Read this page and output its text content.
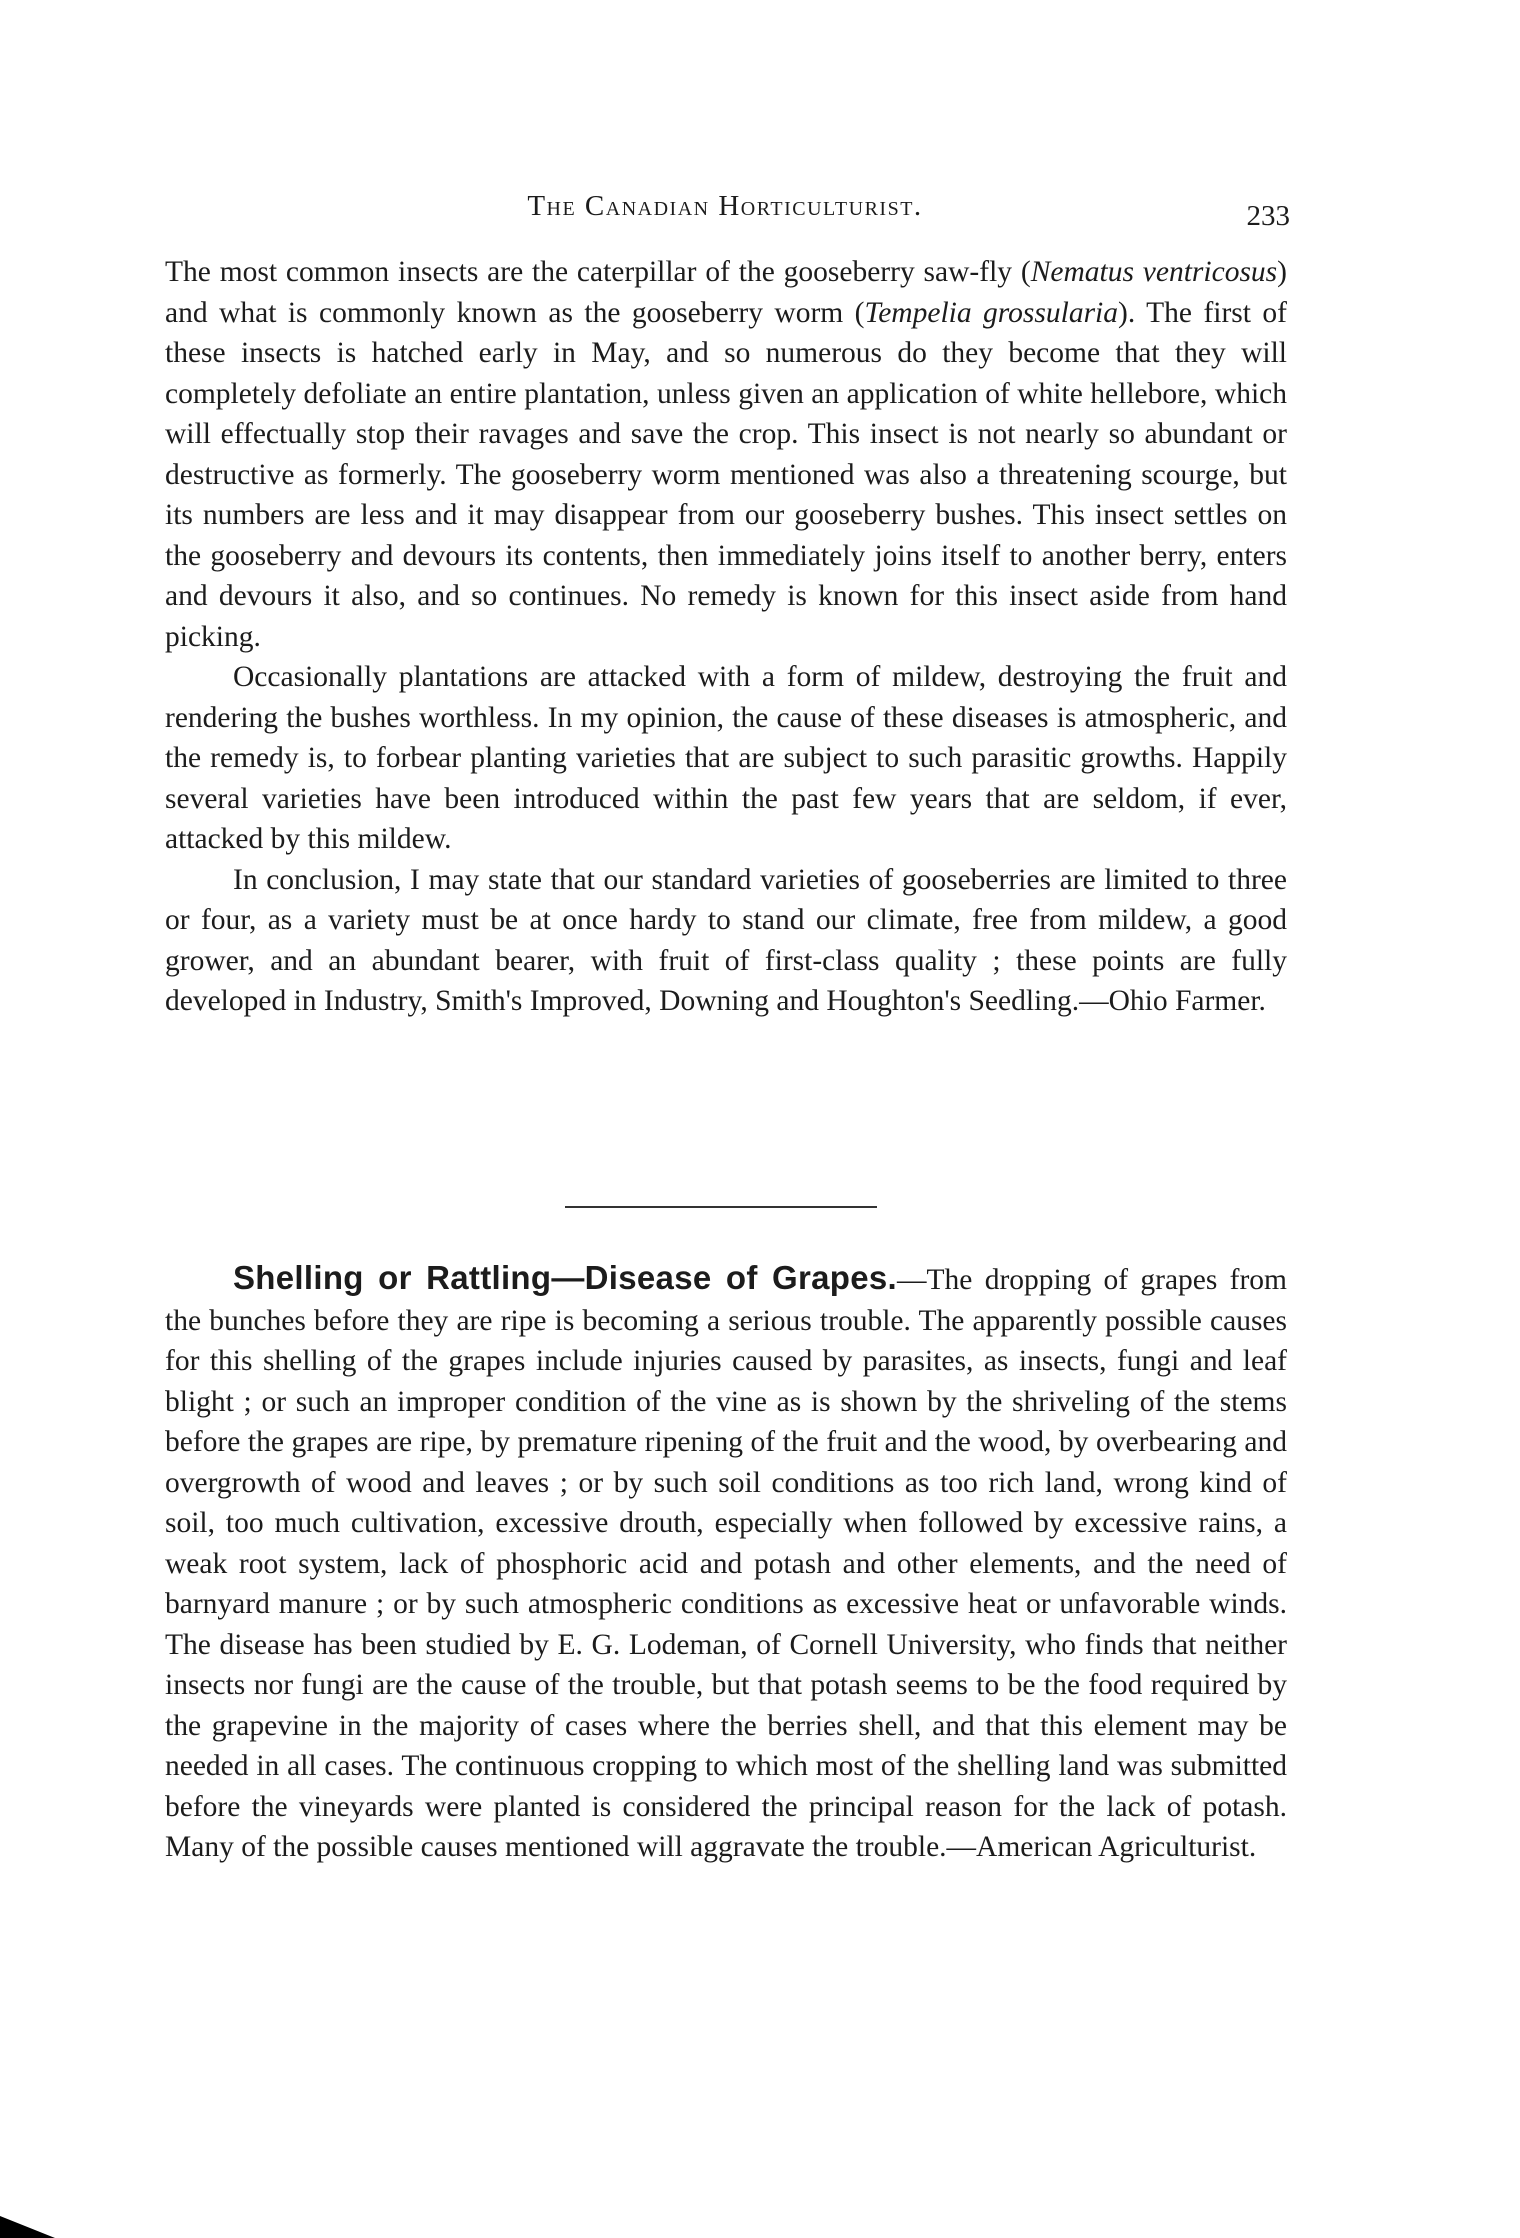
The Canadian Horticulturist.	233

The most common insects are the caterpillar of the gooseberry saw-fly (Nematus ventricosus) and what is commonly known as the gooseberry worm (Tempelia grossularia). The first of these insects is hatched early in May, and so numerous do they become that they will completely defoliate an entire plantation, unless given an application of white hellebore, which will effectually stop their ravages and save the crop. This insect is not nearly so abundant or destructive as formerly. The gooseberry worm mentioned was also a threatening scourge, but its numbers are less and it may disappear from our gooseberry bushes. This insect settles on the gooseberry and devours its contents, then immediately joins itself to another berry, enters and devours it also, and so continues. No remedy is known for this insect aside from hand picking.

Occasionally plantations are attacked with a form of mildew, destroying the fruit and rendering the bushes worthless. In my opinion, the cause of these diseases is atmospheric, and the remedy is, to forbear planting varieties that are subject to such parasitic growths. Happily several varieties have been introduced within the past few years that are seldom, if ever, attacked by this mildew.

In conclusion, I may state that our standard varieties of gooseberries are limited to three or four, as a variety must be at once hardy to stand our climate, free from mildew, a good grower, and an abundant bearer, with fruit of first-class quality ; these points are fully developed in Industry, Smith's Improved, Downing and Houghton's Seedling.—Ohio Farmer.

Shelling or Rattling—Disease of Grapes.—The dropping of grapes from the bunches before they are ripe is becoming a serious trouble. The apparently possible causes for this shelling of the grapes include injuries caused by parasites, as insects, fungi and leaf blight ; or such an improper condition of the vine as is shown by the shriveling of the stems before the grapes are ripe, by premature ripening of the fruit and the wood, by overbearing and overgrowth of wood and leaves ; or by such soil conditions as too rich land, wrong kind of soil, too much cultivation, excessive drouth, especially when followed by excessive rains, a weak root system, lack of phosphoric acid and potash and other elements, and the need of barnyard manure ; or by such atmospheric conditions as excessive heat or unfavorable winds. The disease has been studied by E. G. Lodeman, of Cornell University, who finds that neither insects nor fungi are the cause of the trouble, but that potash seems to be the food required by the grapevine in the majority of cases where the berries shell, and that this element may be needed in all cases. The continuous cropping to which most of the shelling land was submitted before the vineyards were planted is considered the principal reason for the lack of potash. Many of the possible causes mentioned will aggravate the trouble.—American Agriculturist.
